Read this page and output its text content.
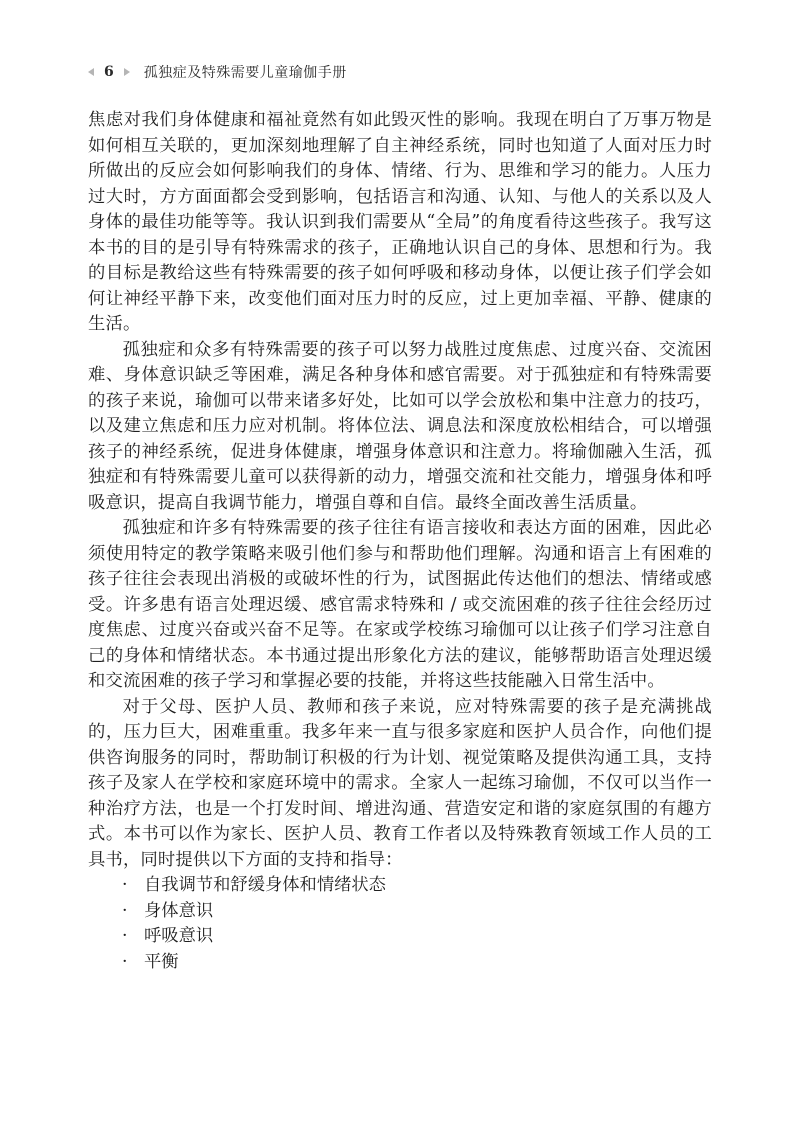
6 孤独症及特殊需要儿童瑜伽手册

焦虑对我们身体健康和福祉竟然有如此毁灭性的影响。我现在明白了万事万物是如何相互关联的，更加深刻地理解了自主神经系统，同时也知道了人面对压力时所做出的反应会如何影响我们的身体、情绪、行为、思维和学习的能力。人压力过大时，方方面面都会受到影响，包括语言和沟通、认知、与他人的关系以及人身体的最佳功能等等。我认识到我们需要从“全局”的角度看待这些孩子。我写这本书的目的是引导有特殊需求的孩子，正确地认识自己的身体、思想和行为。我的目标是教给这些有特殊需要的孩子如何呼吸和移动身体，以便让孩子们学会如何让神经平静下来，改变他们面对压力时的反应，过上更加幸福、平静、健康的生活。

孤独症和众多有特殊需要的孩子可以努力战胜过度焦虑、过度兴奋、交流困难、身体意识缺乏等困难，满足各种身体和感官需要。对于孤独症和有特殊需要的孩子来说，瑜伽可以带来诸多好处，比如可以学会放松和集中注意力的技巧，以及建立焦虑和压力应对机制。将体位法、调息法和深度放松相结合，可以增强孩子的神经系统，促进身体健康，增强身体意识和注意力。将瑜伽融入生活，孤独症和有特殊需要儿童可以获得新的动力，增强交流和社交能力，增强身体和呼吸意识，提高自我调节能力，增强自尊和自信。最终全面改善生活质量。

孤独症和许多有特殊需要的孩子往往有语言接收和表达方面的困难，因此必须使用特定的教学策略来吸引他们参与和帮助他们理解。沟通和语言上有困难的孩子往往会表现出消极的或破坏性的行为，试图据此传达他们的想法、情绪或感受。许多患有语言处理迟缓、感官需求特殊和 / 或交流困难的孩子往往会经历过度焦虑、过度兴奋或兴奋不足等。在家或学校练习瑜伽可以让孩子们学习注意自己的身体和情绪状态。本书通过提出形象化方法的建议，能够帮助语言处理迟缓和交流困难的孩子学习和掌握必要的技能，并将这些技能融入日常生活中。

对于父母、医护人员、教师和孩子来说，应对特殊需要的孩子是充满挑战的，压力巨大，困难重重。我多年来一直与很多家庭和医护人员合作，向他们提供咨询服务的同时，帮助制订积极的行为计划、视觉策略及提供沟通工具，支持孩子及家人在学校和家庭环境中的需求。全家人一起练习瑜伽，不仅可以当作一种治疗方法，也是一个打发时间、增进沟通、营造安定和谐的家庭氛围的有趣方式。本书可以作为家长、医护人员、教育工作者以及特殊教育领域工作人员的工具书，同时提供以下方面的支持和指导：

· 自我调节和舒缓身体和情绪状态
· 身体意识
· 呼吸意识
· 平衡
